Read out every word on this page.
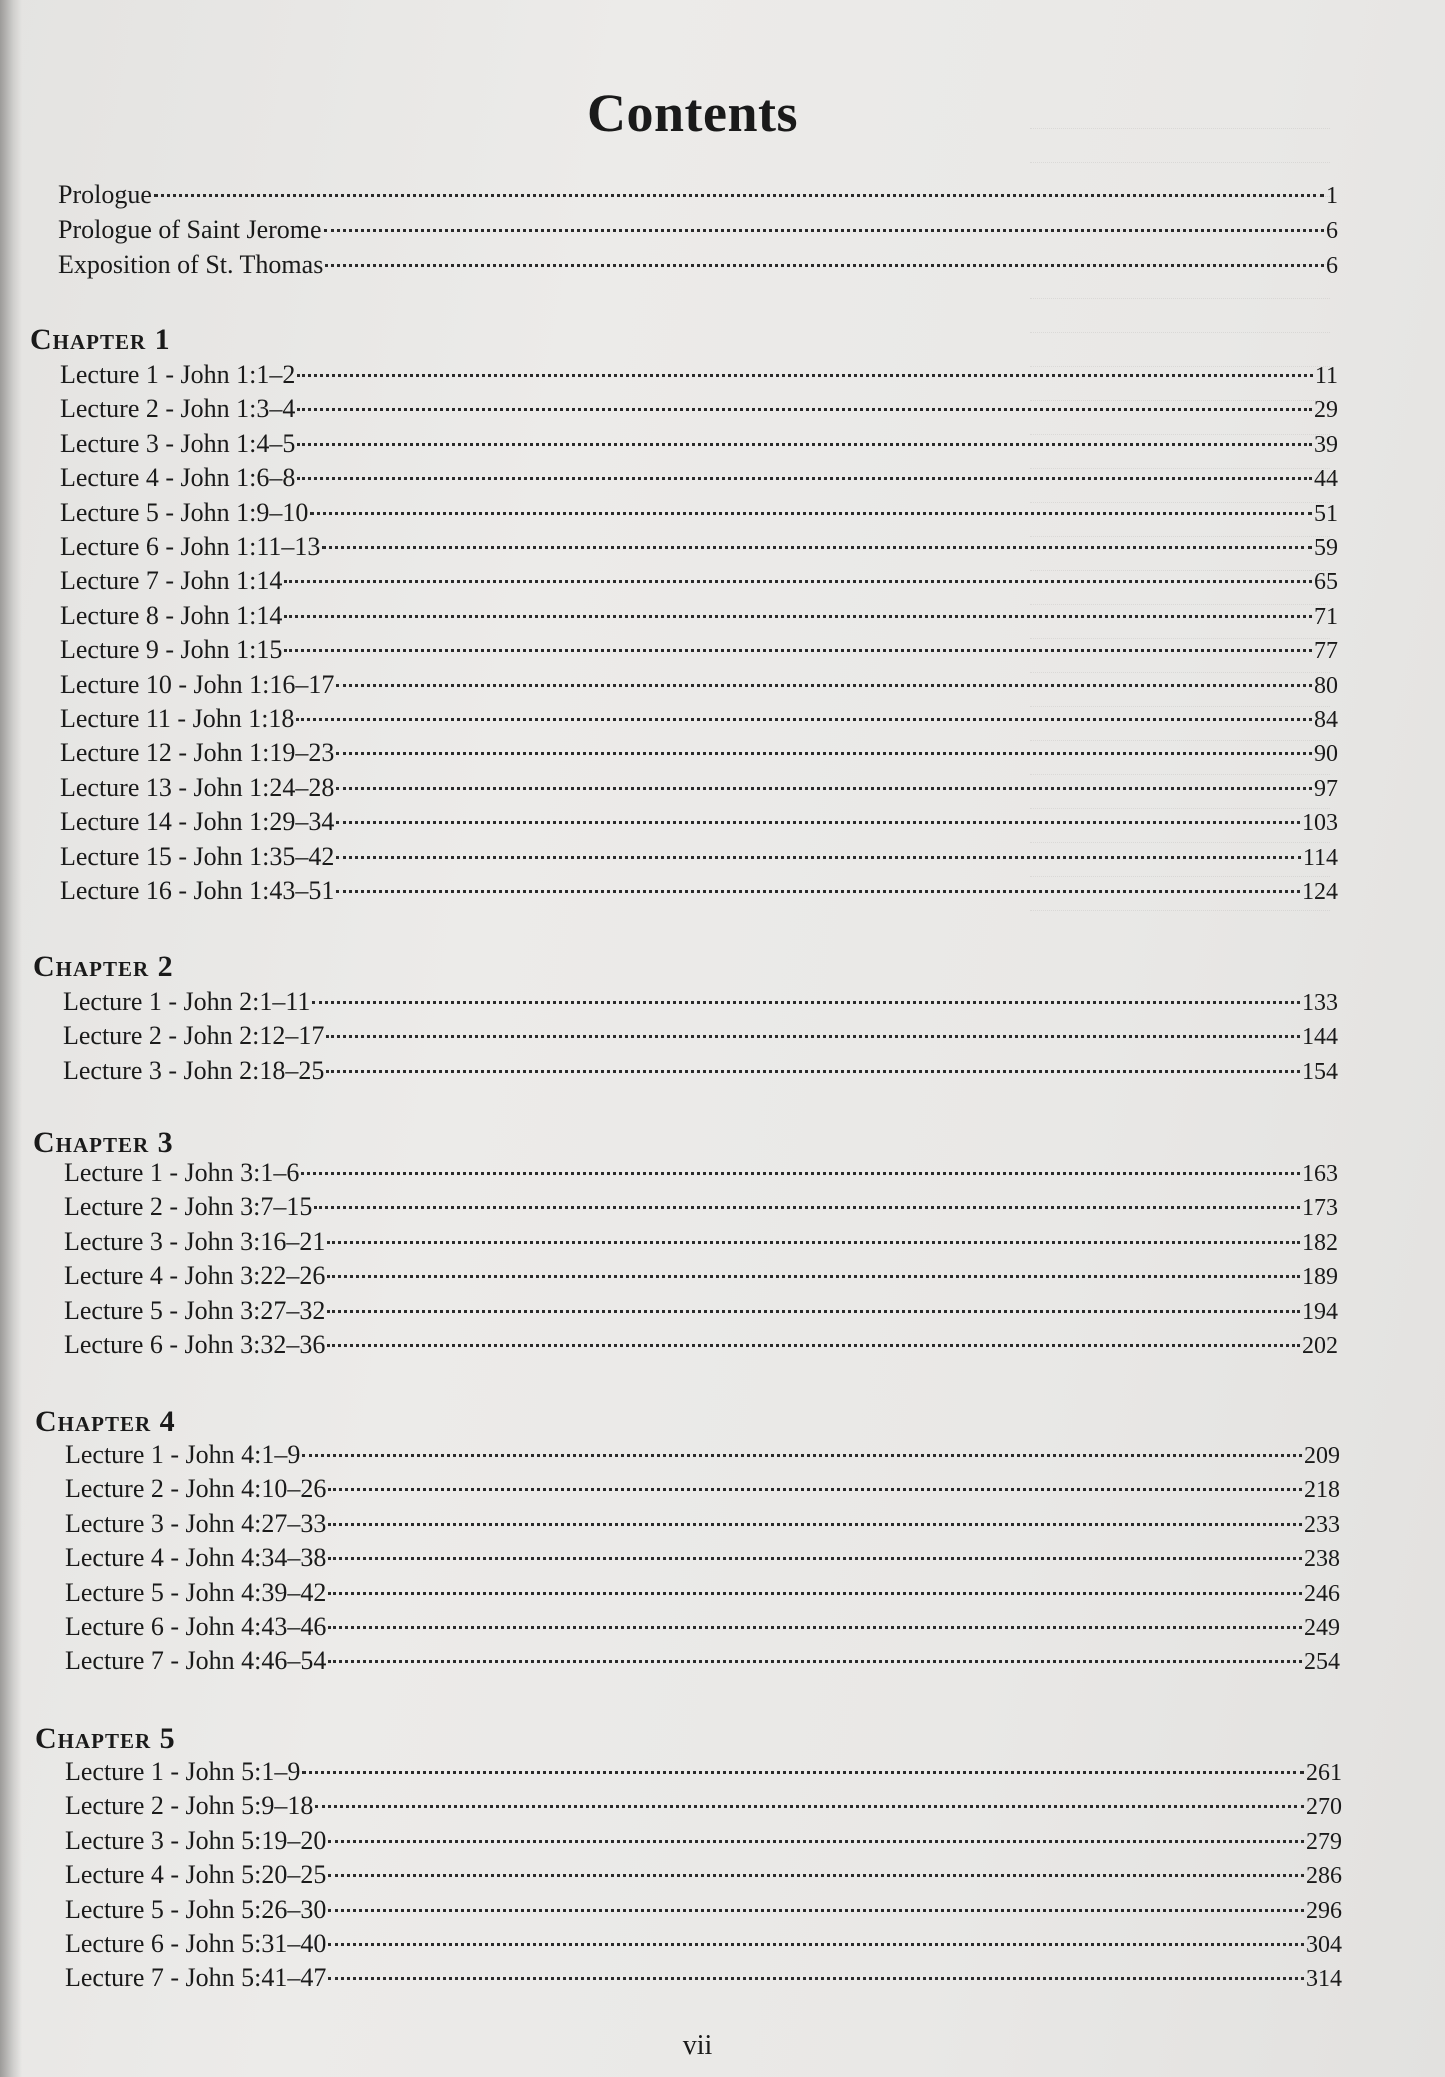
Contents
Prologue	1
Prologue of Saint Jerome	6
Exposition of St. Thomas	6
Chapter 1
Lecture 1 - John 1:1–2	11
Lecture 2 - John 1:3–4	29
Lecture 3 - John 1:4–5	39
Lecture 4 - John 1:6–8	44
Lecture 5 - John 1:9–10	51
Lecture 6 - John 1:11–13	59
Lecture 7 - John 1:14	65
Lecture 8 - John 1:14	71
Lecture 9 - John 1:15	77
Lecture 10 - John 1:16–17	80
Lecture 11 - John 1:18	84
Lecture 12 - John 1:19–23	90
Lecture 13 - John 1:24–28	97
Lecture 14 - John 1:29–34	103
Lecture 15 - John 1:35–42	114
Lecture 16 - John 1:43–51	124
Chapter 2
Lecture 1 - John 2:1–11	133
Lecture 2 - John 2:12–17	144
Lecture 3 - John 2:18–25	154
Chapter 3
Lecture 1 - John 3:1–6	163
Lecture 2 - John 3:7–15	173
Lecture 3 - John 3:16–21	182
Lecture 4 - John 3:22–26	189
Lecture 5 - John 3:27–32	194
Lecture 6 - John 3:32–36	202
Chapter 4
Lecture 1 - John 4:1–9	209
Lecture 2 - John 4:10–26	218
Lecture 3 - John 4:27–33	233
Lecture 4 - John 4:34–38	238
Lecture 5 - John 4:39–42	246
Lecture 6 - John 4:43–46	249
Lecture 7 - John 4:46–54	254
Chapter 5
Lecture 1 - John 5:1–9	261
Lecture 2 - John 5:9–18	270
Lecture 3 - John 5:19–20	279
Lecture 4 - John 5:20–25	286
Lecture 5 - John 5:26–30	296
Lecture 6 - John 5:31–40	304
Lecture 7 - John 5:41–47	314
vii
